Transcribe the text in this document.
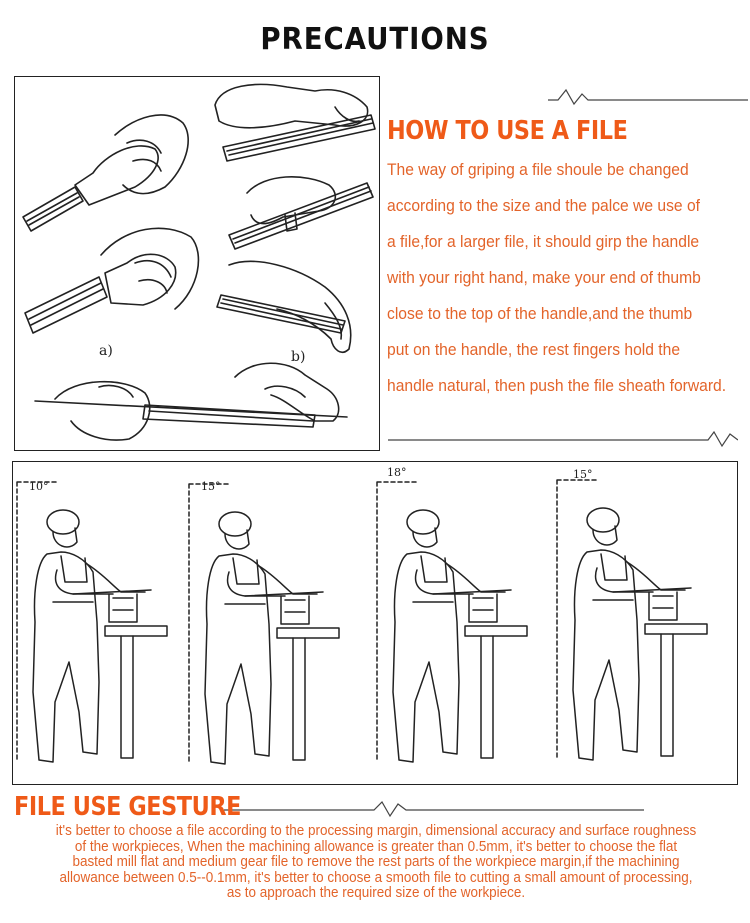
PRECAUTIONS
a)	b)
HOW TO USE A FILE
The way of griping a file shoule be changed
according to the size and the palce we use of
a file,for a larger file, it should girp the handle
with your right hand, make your end of thumb
close to the top of the handle,and the thumb
put on the handle, the rest fingers hold the
handle natural, then push the file sheath forward.
10°	15°
18°	15°
FILE USE GESTURE
it's better to choose a file according to the processing margin, dimensional accuracy and surface roughness
of the workpieces, When the machining allowance is greater than 0.5mm, it's better to choose the flat
basted mill flat and medium gear file to remove the rest parts of the workpiece margin,if the machining
allowance between 0.5--0.1mm, it's better to choose a smooth file to cutting a small amount of processing,
as to approach the required size of the workpiece.
